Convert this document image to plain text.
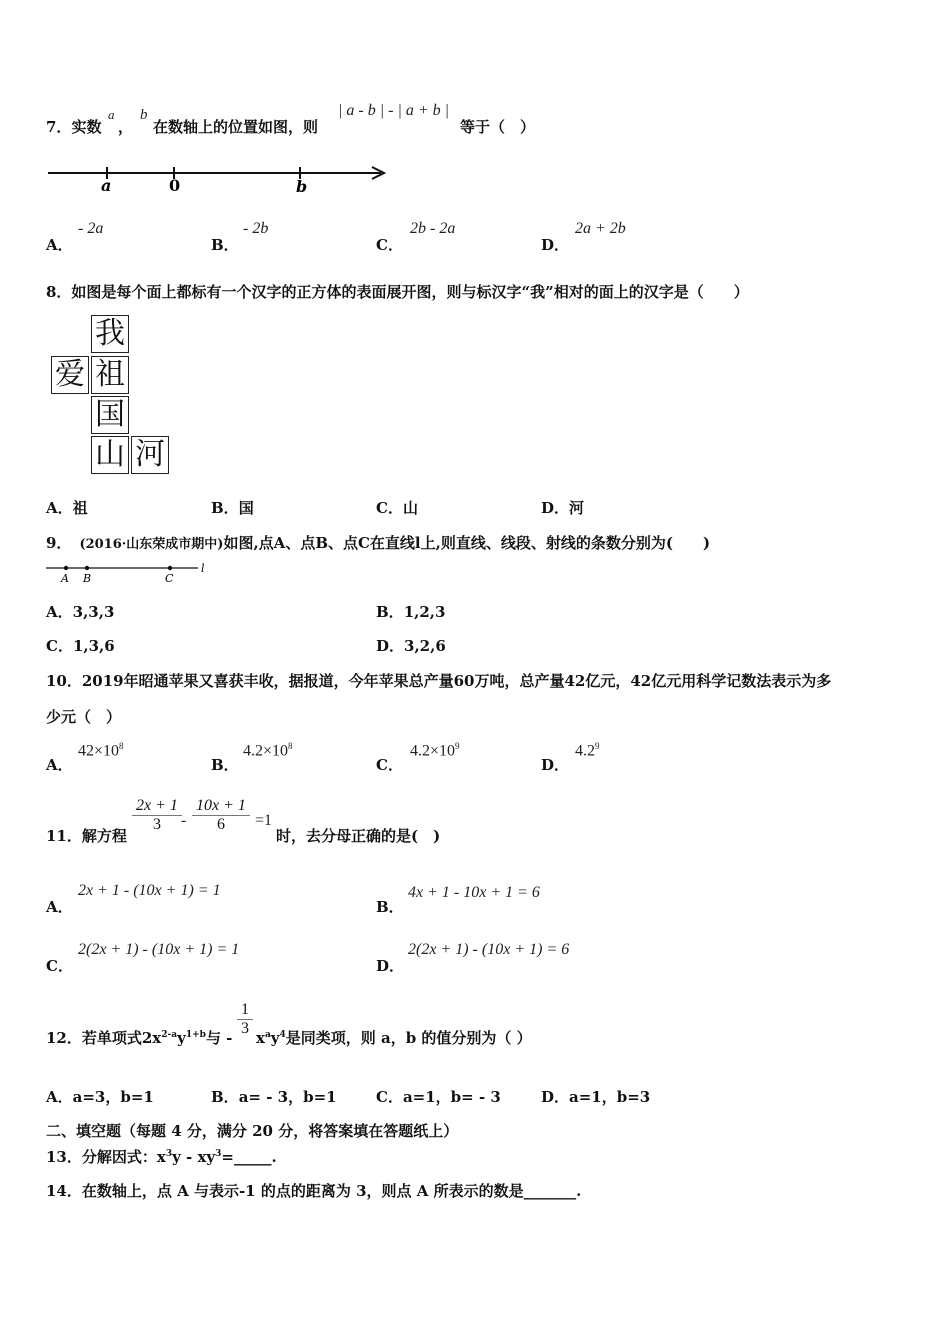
7．实数
a
，
b
在数轴上的位置如图，则
| a - b | - | a + b |
等于（　）
a	0	b
A．
- 2a
B．
- 2b
C．
2b - 2a
D．
2a + 2b
8．如图是每个面上都标有一个汉字的正方体的表面展开图，则与标汉字“我”相对的面上的汉字是（　　）
我
爱 祖
国
山 河
A．祖	B．国	C．山	D．河
9． (2016·山东荣成市期中)如图,点A、点B、点C在直线l上,则直线、线段、射线的条数分别为(　　)
A B	C
l
A．3,3,3	B．1,2,3
C．1,3,6	D．3,2,6
10．2019年昭通苹果又喜获丰收，据报道，今年苹果总产量60万吨，总产量42亿元，42亿元用科学记数法表示为多
少元（　）
A．
$42\times 10^8$
B．
$4.2\times 10^8$
C．
$4.2\times 10^9$
D．
$4.2^9$
11．解方程
$\frac{2x + 1}{3} - \frac{10x + 1}{6} =1$
时，去分母正确的是(　)
A．
2x + 1 - (10x + 1) = 1
B．
4x + 1 - 10x + 1 = 6
C．
2(2x + 1) - (10x + 1) = 1
D．
2(2x + 1) - (10x + 1) = 6
12．若单项式$2x^{2-a}y^{1+b}$与 - $\frac{1}{3} x^ay^4$是同类项，则 a，b 的值分别为（ ）
A．a=3，b=1	B．a= - 3，b=1	C．a=1，b= - 3	D．a=1，b=3
二、填空题（每题 4 分，满分 20 分，将答案填在答题纸上）
13．分解因式：$x^3y$ - $xy^3=\_\_\_\_\_$.
14．在数轴上，点 A 与表示-1 的点的距离为 3，则点 A 所表示的数是_______.
